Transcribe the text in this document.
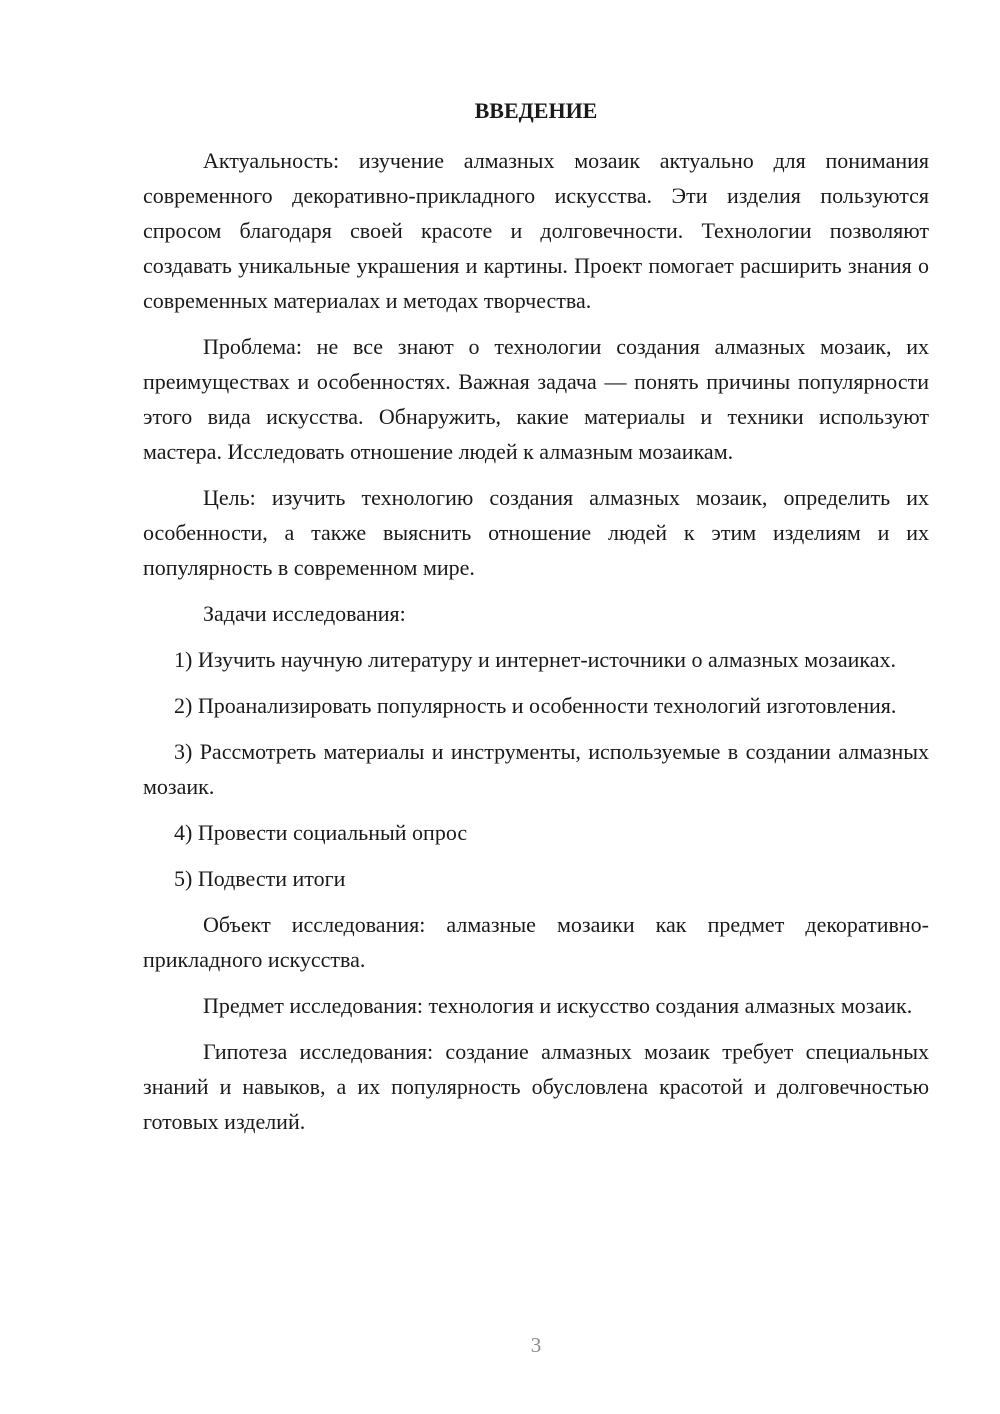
ВВЕДЕНИЕ

Актуальность: изучение алмазных мозаик актуально для понимания современного декоративно-прикладного искусства. Эти изделия пользуются спросом благодаря своей красоте и долговечности. Технологии позволяют создавать уникальные украшения и картины. Проект помогает расширить знания о современных материалах и методах творчества.

Проблема: не все знают о технологии создания алмазных мозаик, их преимуществах и особенностях. Важная задача — понять причины популярности этого вида искусства. Обнаружить, какие материалы и техники используют мастера. Исследовать отношение людей к алмазным мозаикам.

Цель: изучить технологию создания алмазных мозаик, определить их особенности, а также выяснить отношение людей к этим изделиям и их популярность в современном мире.

Задачи исследования:

1) Изучить научную литературу и интернет-источники о алмазных мозаиках.

2) Проанализировать популярность и особенности технологий изготовления.

3) Рассмотреть материалы и инструменты, используемые в создании алмазных мозаик.

4) Провести социальный опрос

5) Подвести итоги

Объект исследования: алмазные мозаики как предмет декоративно-прикладного искусства.

Предмет исследования: технология и искусство создания алмазных мозаик.

Гипотеза исследования: создание алмазных мозаик требует специальных знаний и навыков, а их популярность обусловлена красотой и долговечностью готовых изделий.

3
